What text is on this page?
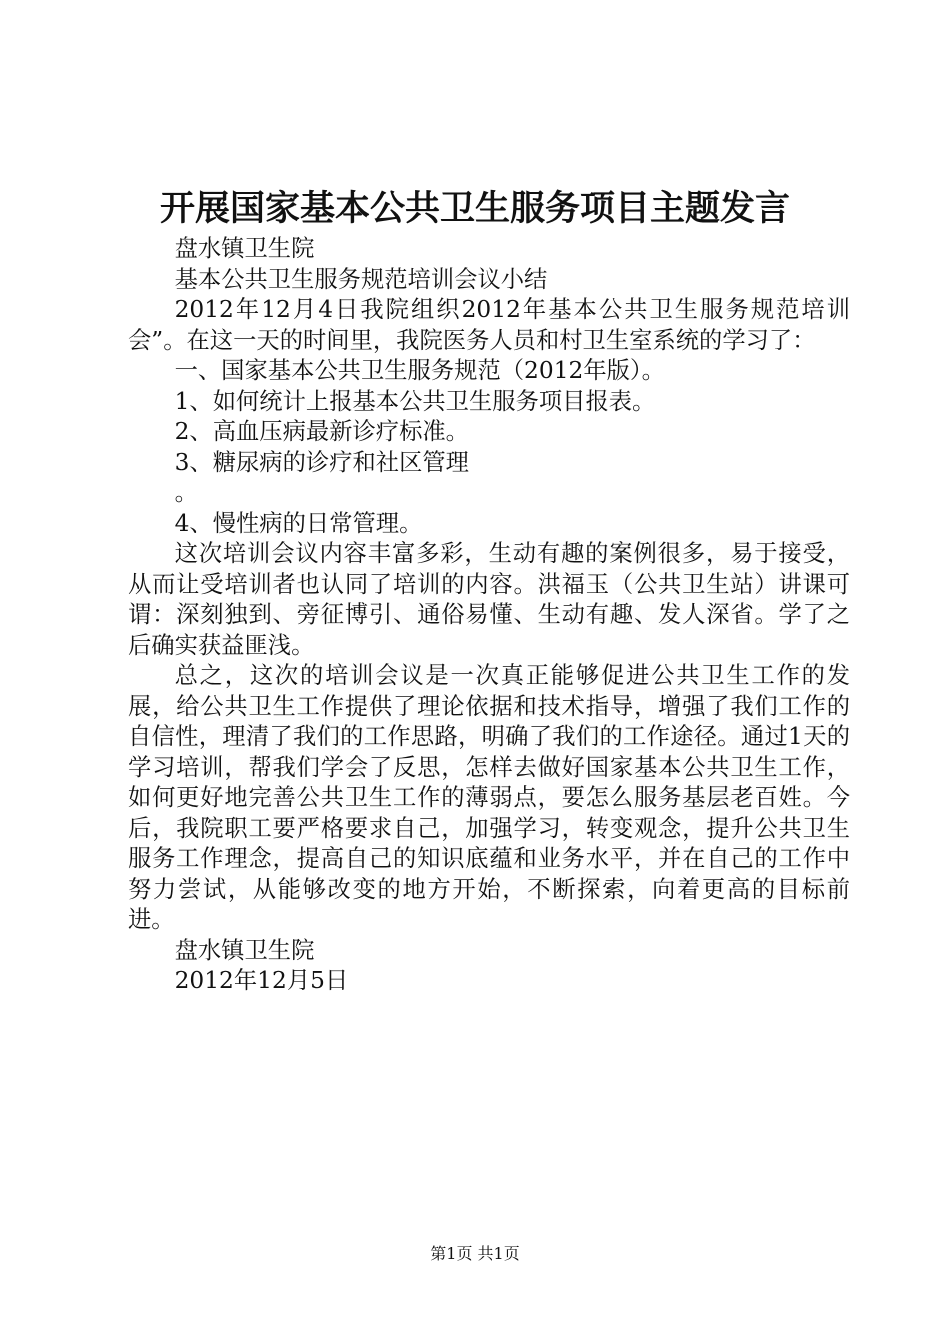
开展国家基本公共卫生服务项目主题发言

盘水镇卫生院

基本公共卫生服务规范培训会议小结

2012年12月4日我院组织2012年基本公共卫生服务规范培训会”。在这一天的时间里，我院医务人员和村卫生室系统的学习了：

一、国家基本公共卫生服务规范（2012年版）。

1、如何统计上报基本公共卫生服务项目报表。

2、高血压病最新诊疗标准。

3、糖尿病的诊疗和社区管理

。

4、慢性病的日常管理。

这次培训会议内容丰富多彩，生动有趣的案例很多，易于接受，从而让受培训者也认同了培训的内容。洪福玉（公共卫生站）讲课可谓：深刻独到、旁征博引、通俗易懂、生动有趣、发人深省。学了之后确实获益匪浅。

总之，这次的培训会议是一次真正能够促进公共卫生工作的发展，给公共卫生工作提供了理论依据和技术指导，增强了我们工作的自信性，理清了我们的工作思路，明确了我们的工作途径。通过1天的学习培训，帮我们学会了反思，怎样去做好国家基本公共卫生工作，如何更好地完善公共卫生工作的薄弱点，要怎么服务基层老百姓。今后，我院职工要严格要求自己，加强学习，转变观念，提升公共卫生服务工作理念，提高自己的知识底蕴和业务水平，并在自己的工作中努力尝试，从能够改变的地方开始，不断探索，向着更高的目标前进。

盘水镇卫生院

2012年12月5日

第1页 共1页
